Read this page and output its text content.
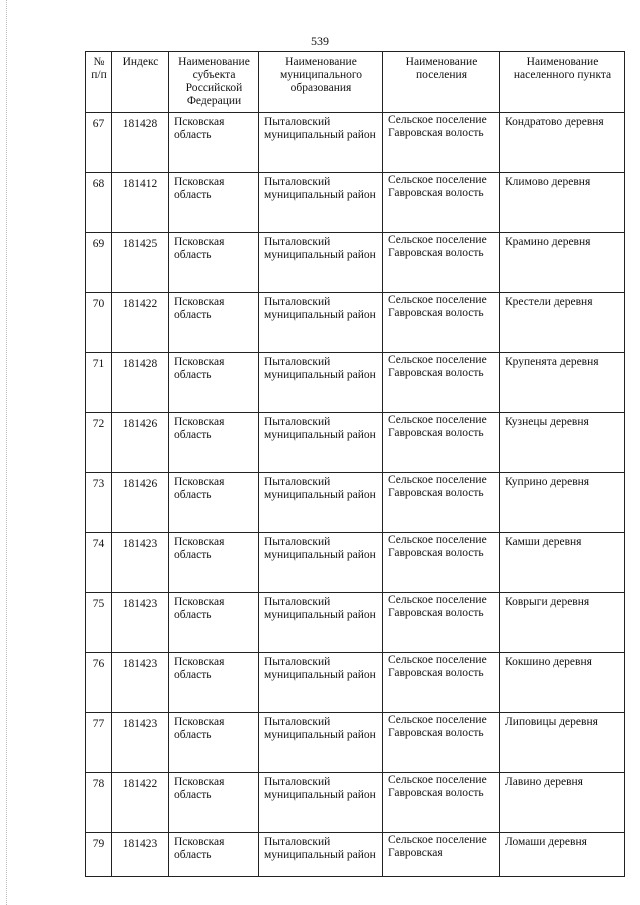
539
№ п/п	Индекс	Наименование субъекта Российской Федерации	Наименование муниципального образования	Наименование поселения	Наименование населенного пункта
67	181428	Псковская область	Пыталовский муниципальный район	Сельское поселение Гавровская волость	Кондратово деревня
68	181412	Псковская область	Пыталовский муниципальный район	Сельское поселение Гавровская волость	Климово деревня
69	181425	Псковская область	Пыталовский муниципальный район	Сельское поселение Гавровская волость	Крамино деревня
70	181422	Псковская область	Пыталовский муниципальный район	Сельское поселение Гавровская волость	Крестели деревня
71	181428	Псковская область	Пыталовский муниципальный район	Сельское поселение Гавровская волость	Крупенята деревня
72	181426	Псковская область	Пыталовский муниципальный район	Сельское поселение Гавровская волость	Кузнецы деревня
73	181426	Псковская область	Пыталовский муниципальный район	Сельское поселение Гавровская волость	Куприно деревня
74	181423	Псковская область	Пыталовский муниципальный район	Сельское поселение Гавровская волость	Камши деревня
75	181423	Псковская область	Пыталовский муниципальный район	Сельское поселение Гавровская волость	Коврыги деревня
76	181423	Псковская область	Пыталовский муниципальный район	Сельское поселение Гавровская волость	Кокшино деревня
77	181423	Псковская область	Пыталовский муниципальный район	Сельское поселение Гавровская волость	Липовицы деревня
78	181422	Псковская область	Пыталовский муниципальный район	Сельское поселение Гавровская волость	Лавино деревня
79	181423	Псковская область	Пыталовский муниципальный район	Сельское поселение Гавровская	Ломаши деревня
